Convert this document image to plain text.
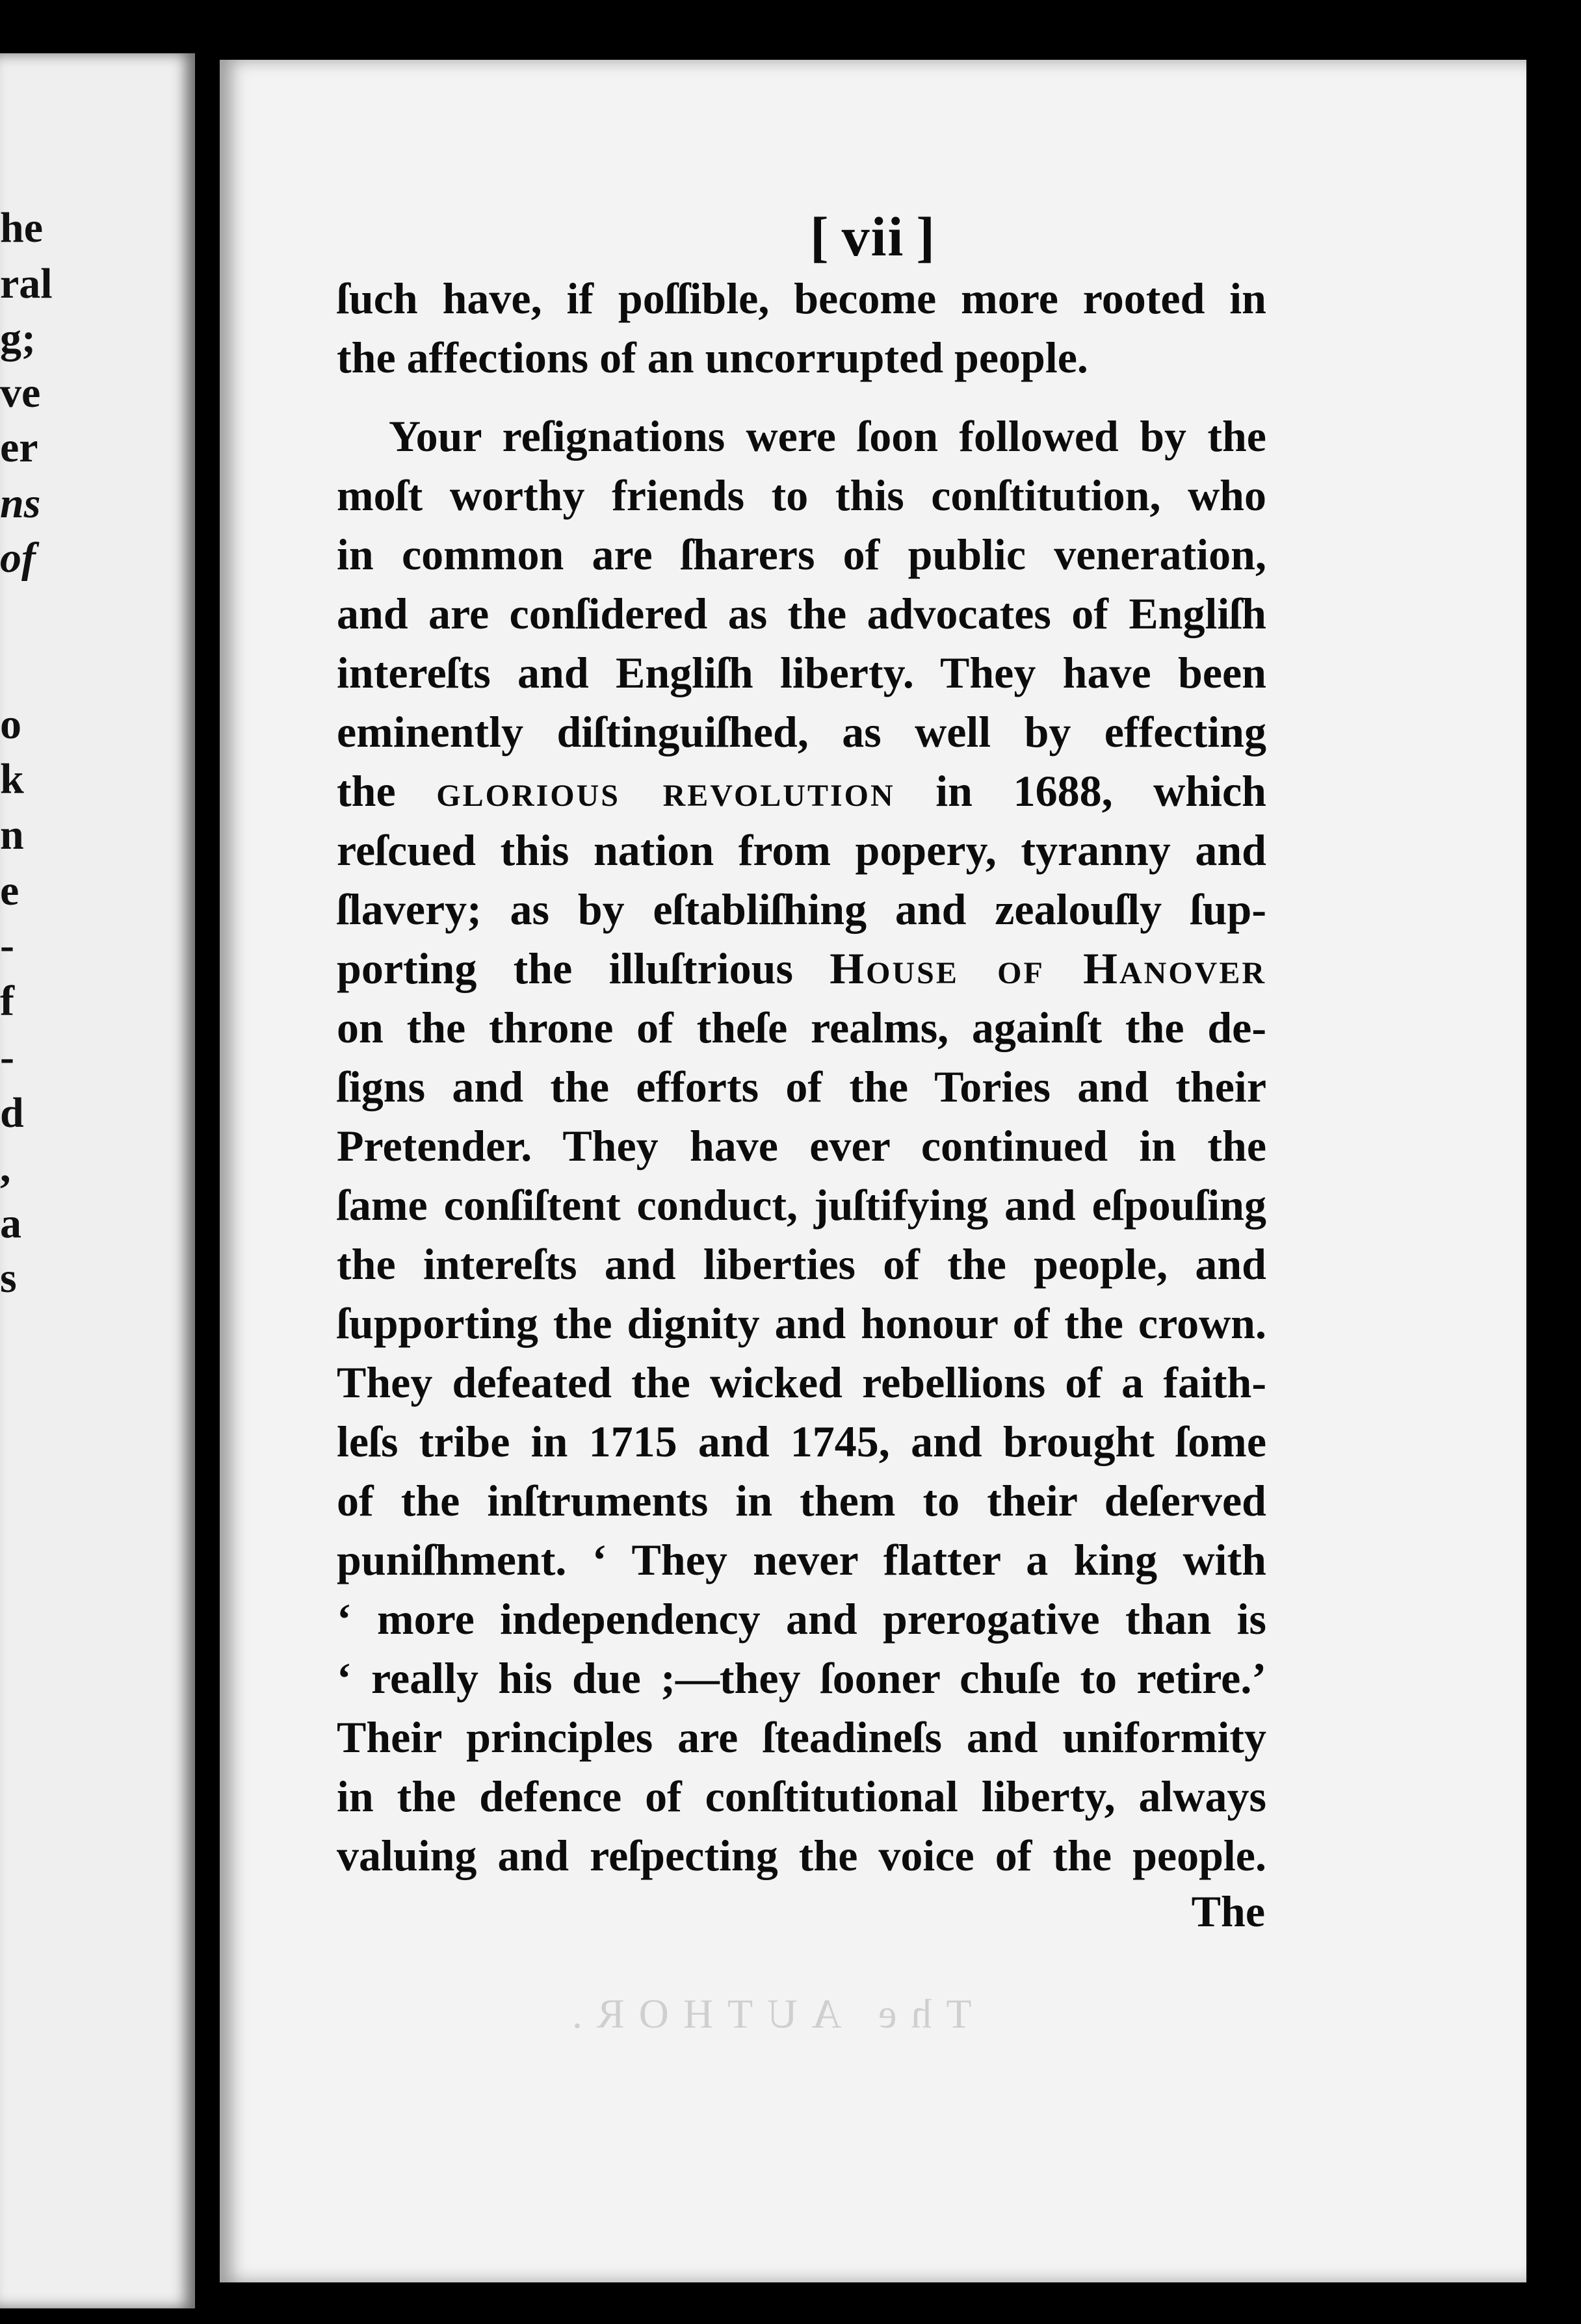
he
ral
g;
ve
er
ns
of
o
k
n
e
-
f
-
d
,
a
s
The AUTHOR.
[ vii ]
ſuch have, if poſſible, become more rooted in
the affections of an uncorrupted people.
Your reſignations were ſoon followed by the
moſt worthy friends to this conſtitution, who
in common are ſharers of public veneration,
and are conſidered as the advocates of Engliſh
intereſts and Engliſh liberty. They have been
eminently diſtinguiſhed, as well by effecting
the glorious revolution in 1688, which
reſcued this nation from popery, tyranny and
ſlavery; as by eſtabliſhing and zealouſly ſup-
porting the illuſtrious House of Hanover
on the throne of theſe realms, againſt the de-
ſigns and the efforts of the Tories and their
Pretender. They have ever continued in the
ſame conſiſtent conduct, juſtifying and eſpouſing
the intereſts and liberties of the people, and
ſupporting the dignity and honour of the crown.
They defeated the wicked rebellions of a faith-
leſs tribe in 1715 and 1745, and brought ſome
of the inſtruments in them to their deſerved
puniſhment. ‘ They never flatter a king with
‘ more independency and prerogative than is
‘ really his due ;—they ſooner chuſe to retire.’
Their principles are ſteadineſs and uniformity
in the defence of conſtitutional liberty, always
valuing and reſpecting the voice of the people.
The
